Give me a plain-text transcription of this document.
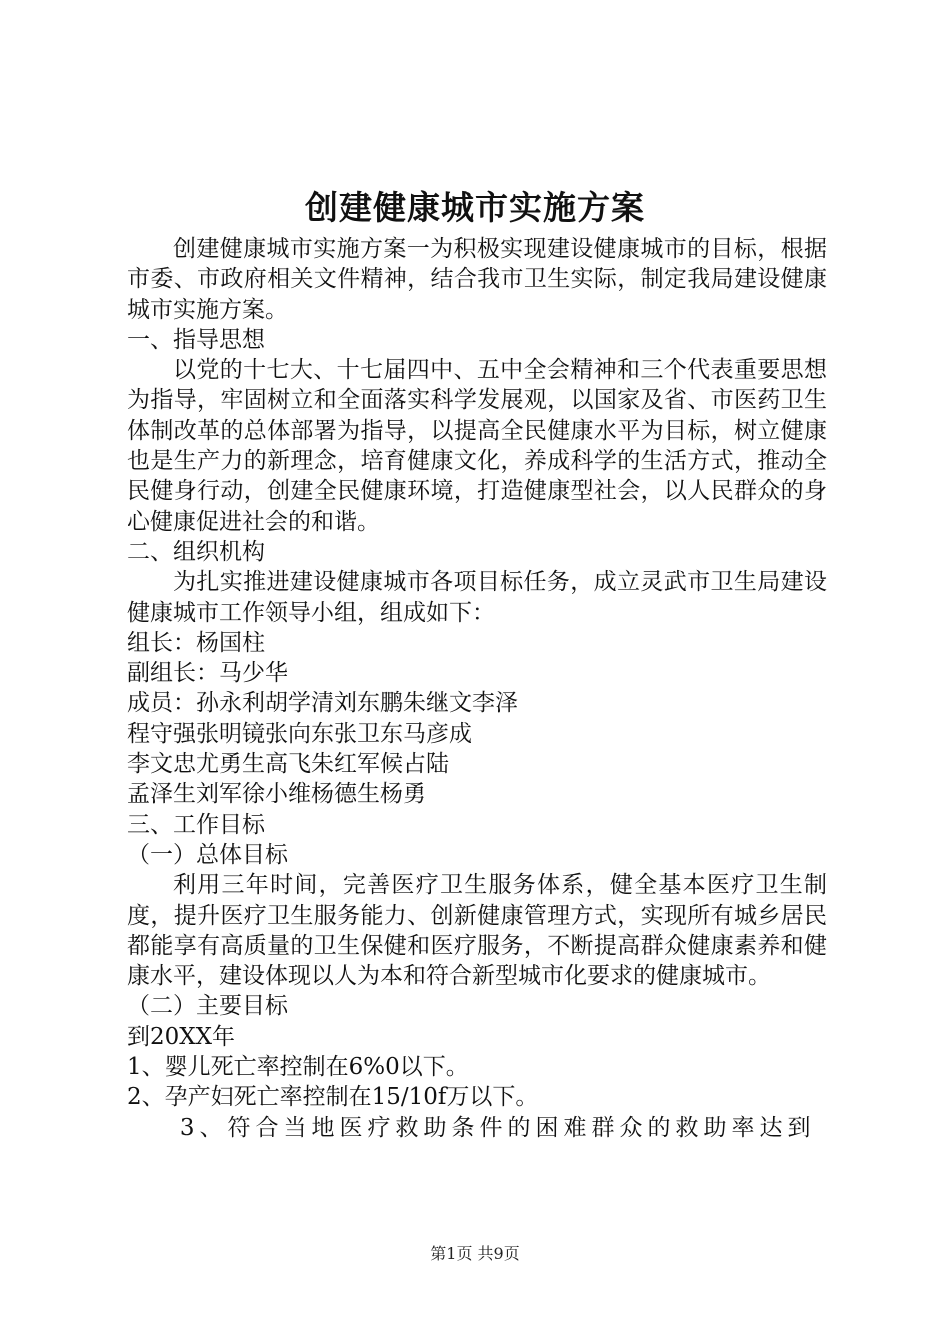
创建健康城市实施方案

创建健康城市实施方案一为积极实现建设健康城市的目标，根据市委、市政府相关文件精神，结合我市卫生实际，制定我局建设健康城市实施方案。

一、指导思想

以党的十七大、十七届四中、五中全会精神和三个代表重要思想为指导，牢固树立和全面落实科学发展观，以国家及省、市医药卫生体制改革的总体部署为指导，以提高全民健康水平为目标，树立健康也是生产力的新理念，培育健康文化，养成科学的生活方式，推动全民健身行动，创建全民健康环境，打造健康型社会，以人民群众的身心健康促进社会的和谐。

二、组织机构

为扎实推进建设健康城市各项目标任务，成立灵武市卫生局建设健康城市工作领导小组，组成如下：

组长：杨国柱

副组长：马少华

成员：孙永利胡学清刘东鹏朱继文李泽

程守强张明镜张向东张卫东马彦成

李文忠尤勇生高飞朱红军候占陆

孟泽生刘军徐小维杨德生杨勇

三、工作目标

（一）总体目标

利用三年时间，完善医疗卫生服务体系，健全基本医疗卫生制度，提升医疗卫生服务能力、创新健康管理方式，实现所有城乡居民都能享有高质量的卫生保健和医疗服务，不断提高群众健康素养和健康水平，建设体现以人为本和符合新型城市化要求的健康城市。

（二）主要目标

到20XX年

1、婴儿死亡率控制在6%0以下。

2、孕产妇死亡率控制在15/10f万以下。

3、符合当地医疗救助条件的困难群众的救助率达到

第1页 共9页
